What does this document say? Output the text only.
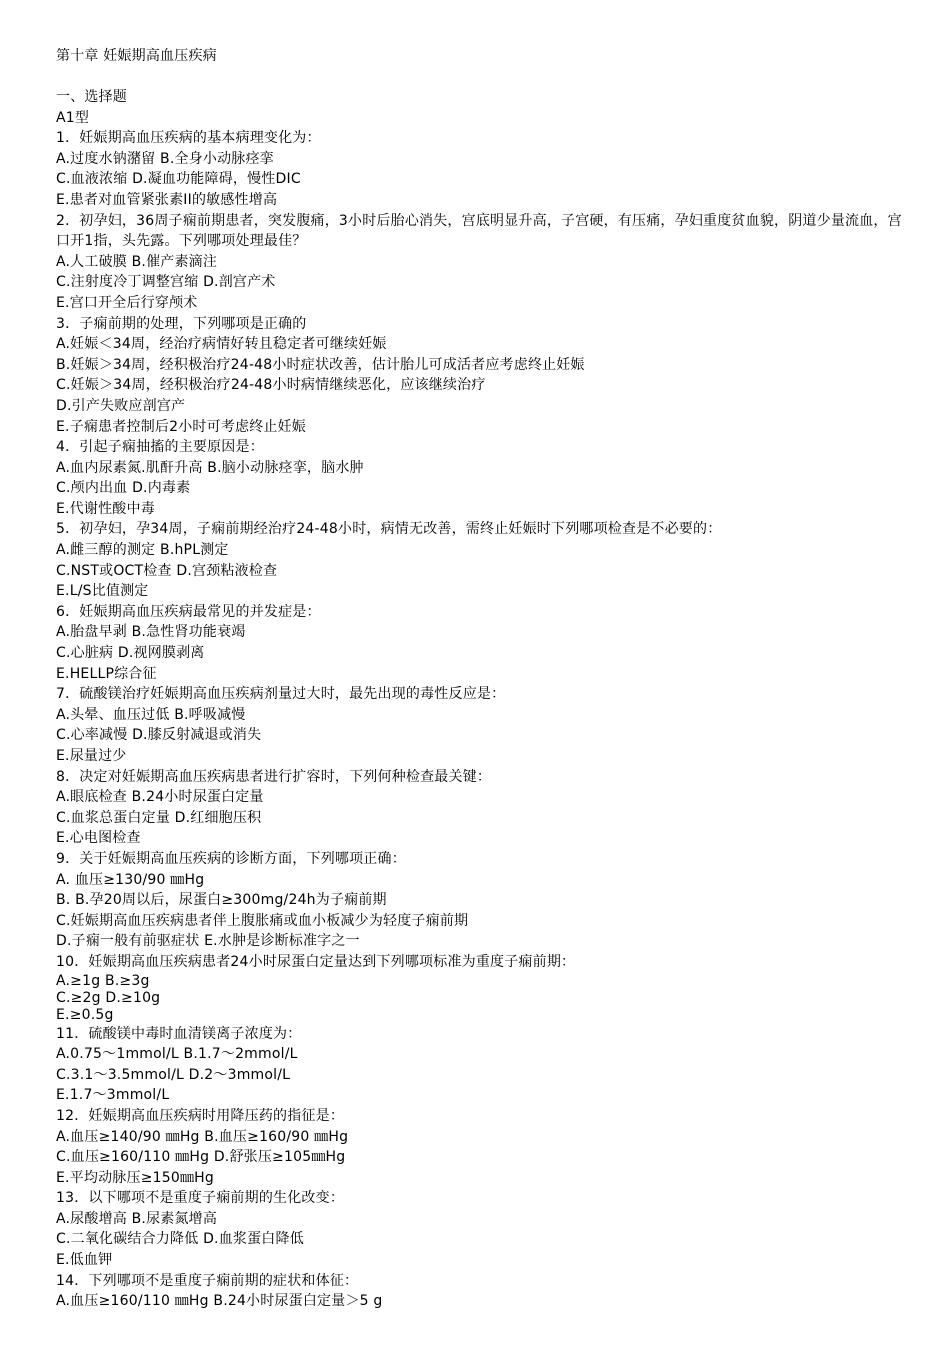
第十章 妊娠期高血压疾病
一、选择题
A1型
1．妊娠期高血压疾病的基本病理变化为：
A.过度水钠潴留 B.全身小动脉痉挛
C.血液浓缩 D.凝血功能障碍，慢性DIC
E.患者对血管紧张素II的敏感性增高
2．初孕妇，36周子痫前期患者，突发腹痛，3小时后胎心消失，宫底明显升高，子宫硬，有压痛，孕妇重度贫血貌，阴道少量流血，宫口开1指，头先露。下列哪项处理最佳？
A.人工破膜 B.催产素滴注
C.注射度冷丁调整宫缩 D.剖宫产术
E.宫口开全后行穿颅术
3．子痫前期的处理，下列哪项是正确的
A.妊娠＜34周，经治疗病情好转且稳定者可继续妊娠
B.妊娠＞34周，经积极治疗24-48小时症状改善，估计胎儿可成活者应考虑终止妊娠
C.妊娠＞34周，经积极治疗24-48小时病情继续恶化，应该继续治疗
D.引产失败应剖宫产
E.子痫患者控制后2小时可考虑终止妊娠
4．引起子痫抽搐的主要原因是：
A.血内尿素氮.肌酐升高 B.脑小动脉痉挛，脑水肿
C.颅内出血 D.内毒素
E.代谢性酸中毒
5．初孕妇，孕34周，子痫前期经治疗24-48小时，病情无改善，需终止妊娠时下列哪项检查是不必要的：
A.雌三醇的测定 B.hPL测定
C.NST或OCT检查 D.宫颈粘液检查
E.L/S比值测定
6．妊娠期高血压疾病最常见的并发症是：
A.胎盘早剥 B.急性肾功能衰竭
C.心脏病 D.视网膜剥离
E.HELLP综合征
7．硫酸镁治疗妊娠期高血压疾病剂量过大时，最先出现的毒性反应是：
A.头晕、血压过低 B.呼吸减慢
C.心率减慢 D.膝反射减退或消失
E.尿量过少
8．决定对妊娠期高血压疾病患者进行扩容时，下列何种检查最关键：
A.眼底检查 B.24小时尿蛋白定量
C.血浆总蛋白定量 D.红细胞压积
E.心电图检查
9．关于妊娠期高血压疾病的诊断方面，下列哪项正确：
A. 血压≥130/90 ㎜Hg
B. B.孕20周以后，尿蛋白≥300mg/24h为子痫前期
C.妊娠期高血压疾病患者伴上腹胀痛或血小板减少为轻度子痫前期
D.子痫一般有前驱症状 E.水肿是诊断标准字之一
10．妊娠期高血压疾病患者24小时尿蛋白定量达到下列哪项标准为重度子痫前期：
A.≥1g B.≥3g
C.≥2g D.≥10g
E.≥0.5g
11．硫酸镁中毒时血清镁离子浓度为：
A.0.75～1mmol/L B.1.7～2mmol/L
C.3.1～3.5mmol/L D.2～3mmol/L
E.1.7～3mmol/L
12．妊娠期高血压疾病时用降压药的指征是：
A.血压≥140/90 ㎜Hg B.血压≥160/90 ㎜Hg
C.血压≥160/110 ㎜Hg D.舒张压≥105㎜Hg
E.平均动脉压≥150㎜Hg
13．以下哪项不是重度子痫前期的生化改变：
A.尿酸增高 B.尿素氮增高
C.二氧化碳结合力降低 D.血浆蛋白降低
E.低血钾
14．下列哪项不是重度子痫前期的症状和体征：
A.血压≥160/110 ㎜Hg B.24小时尿蛋白定量＞5 g
